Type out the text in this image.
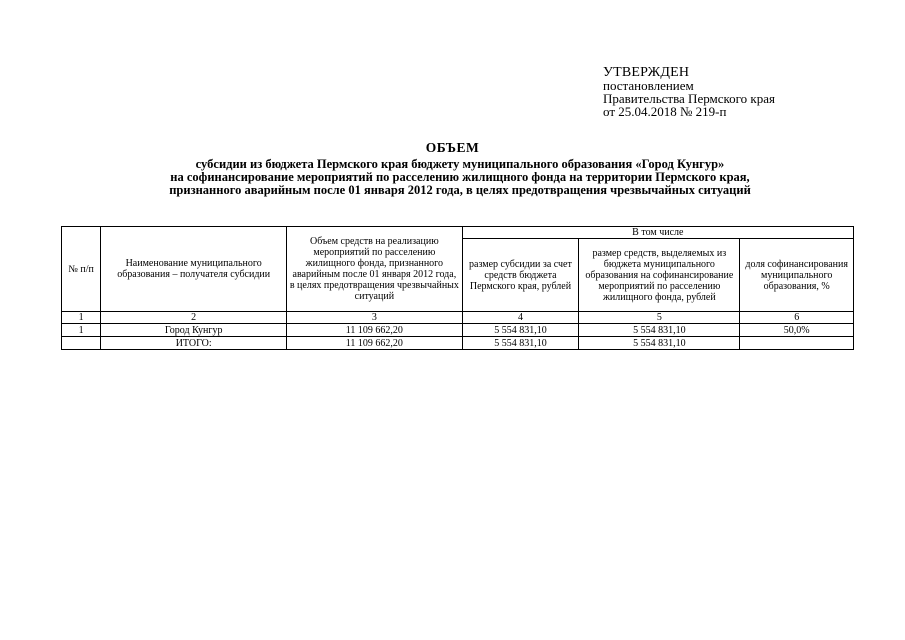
УТВЕРЖДЕН
постановлением
Правительства Пермского края
от 25.04.2018 № 219-п
ОБЪЕМ
субсидии из бюджета Пермского края бюджету муниципального образования «Город Кунгур»
на софинансирование мероприятий по расселению жилищного фонда на территории Пермского края,
признанного аварийным после 01 января 2012 года, в целях предотвращения чрезвычайных ситуаций
№ п/п	Наименование муниципального образования – получателя субсидии	Объем средств на реализацию мероприятий по расселению жилищного фонда, признанного аварийным после 01 января 2012 года, в целях предотвращения чрезвычайных ситуаций	В том числе		
			размер субсидии за счет средств бюджета Пермского края, рублей	размер средств, выделяемых из бюджета муниципального образования на софинансирование мероприятий по расселению жилищного фонда, рублей	доля софинансирования муниципального образования, %
1	2	3	4	5	6
1	Город Кунгур	11 109 662,20	5 554 831,10	5 554 831,10	50,0%
	ИТОГО:	11 109 662,20	5 554 831,10	5 554 831,10	
